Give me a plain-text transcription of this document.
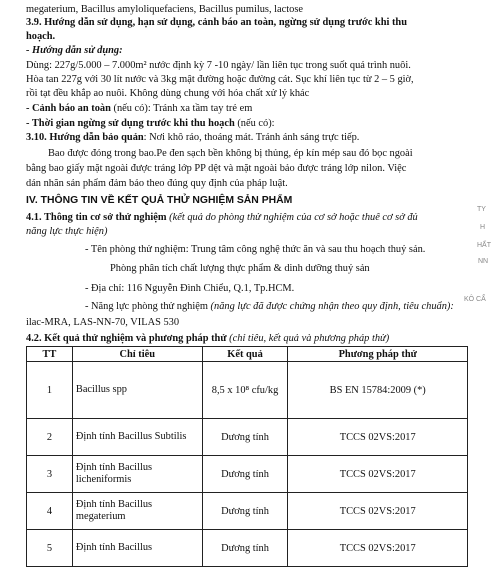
megaterium, Bacillus amyloliquefaciens, Bacillus pumilus, lactose
3.9. Hướng dẫn sử dụng, hạn sử dụng, cảnh báo an toàn, ngừng sử dụng trước khi thu
hoạch.
- Hướng dẫn sử dụng:
Dùng: 227g/5.000 – 7.000m² nước định kỳ 7 -10 ngày/ lần liên tục trong suốt quá trình nuôi.
Hòa tan 227g với 30 lít nước và 3kg mật đường hoặc đường cát. Sục khí liên tục từ 2 – 5 giờ,
rồi tạt đều khắp ao nuôi. Không dùng chung với hóa chất xử lý khác
- Cảnh báo an toàn (nếu có): Tránh xa tầm tay trẻ em
- Thời gian ngừng sử dụng trước khi thu hoạch (nếu có):
3.10. Hướng dẫn bảo quản: Nơi khô ráo, thoáng mát. Tránh ánh sáng trực tiếp.
Bao được đóng trong bao.Pe đen sạch bền không bị thủng, ép kín mép sau đó bọc ngoài
bằng bao giấy mặt ngoài được tráng lớp PP dệt và mặt ngoài bảo được tráng lớp nilon. Việc
dán nhãn sản phẩm đảm bảo theo đúng quy định của pháp luật.
IV. THÔNG TIN VỀ KẾT QUẢ THỬ NGHIỆM SẢN PHẨM
4.1. Thông tin cơ sở thử nghiệm (kết quả do phòng thử nghiệm của cơ sở hoặc thuê cơ sở đủ
năng lực thực hiện)
- Tên phòng thử nghiệm: Trung tâm công nghệ thức ăn và sau thu hoạch thuỷ sản.
Phòng phân tích chất lượng thực phẩm & dinh dưỡng thuỷ sản
- Địa chỉ: 116 Nguyễn Đình Chiểu, Q.1, Tp.HCM.
- Năng lực phòng thử nghiệm (năng lực đã được chứng nhận theo quy định, tiêu chuẩn):
ilac-MRA, LAS-NN-70, VILAS 530
4.2. Kết quả thử nghiệm và phương pháp thử (chỉ tiêu, kết quả và phương pháp thử)
TY
H
HẤT
NN
KÔ CẨ
TT	Chỉ tiêu	Kết quả	Phương pháp thử
1	Bacillus spp	8,5 x 10⁸ cfu/kg	BS EN 15784:2009 (*)
2	Định tính Bacillus Subtilis	Dương tính	TCCS 02VS:2017
3	Định tính Bacillus licheniformis	Dương tính	TCCS 02VS:2017
4	Định tính Bacillus megaterium	Dương tính	TCCS 02VS:2017
5	Định tính Bacillus	Dương tính	TCCS 02VS:2017
